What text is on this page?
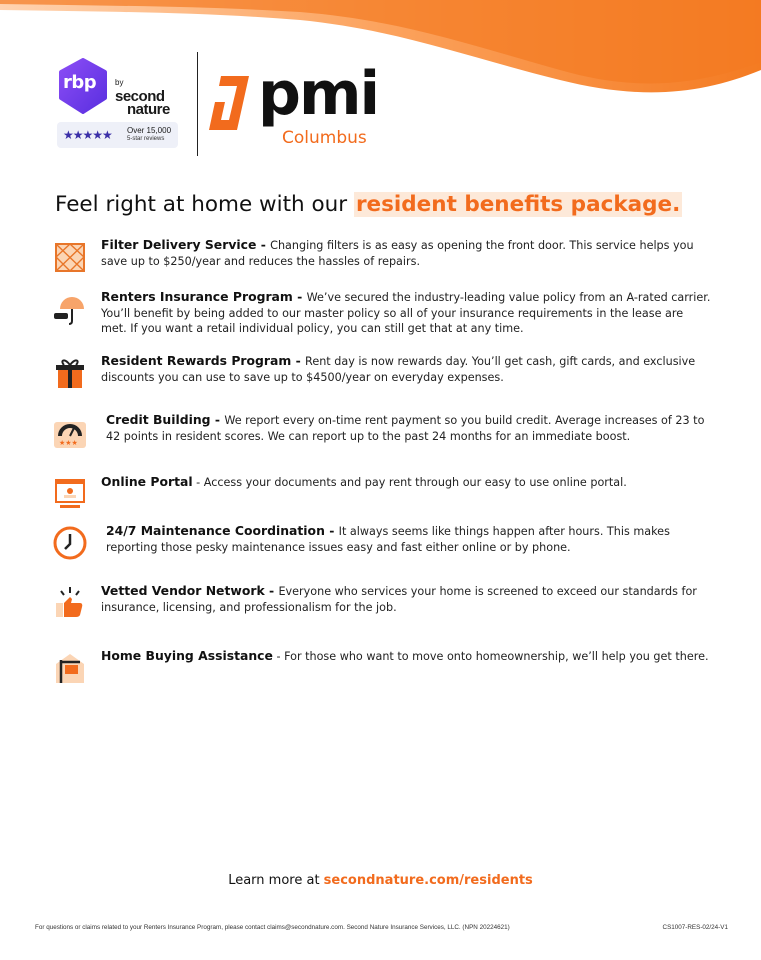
rbp by
second
nature
★★★★★ Over 15,000
5-star reviews
pmi
Columbus
Feel right at home with our resident benefits package.
Filter Delivery Service - Changing filters is as easy as opening the front door. This service helps you save up to $250/year and reduces the hassles of repairs.
Renters Insurance Program - We’ve secured the industry-leading value policy from an A-rated carrier. You’ll benefit by being added to our master policy so all of your insurance requirements in the lease are met. If you want a retail individual policy, you can still get that at any time.
Resident Rewards Program - Rent day is now rewards day. You’ll get cash, gift cards, and exclusive discounts you can use to save up to $4500/year on everyday expenses.
★★★
Credit Building - We report every on-time rent payment so you build credit. Average increases of 23 to 42 points in resident scores. We can report up to the past 24 months for an immediate boost.
Online Portal - Access your documents and pay rent through our easy to use online portal.
24/7 Maintenance Coordination - It always seems like things happen after hours. This makes reporting those pesky maintenance issues easy and fast either online or by phone.
Vetted Vendor Network - Everyone who services your home is screened to exceed our standards for insurance, licensing, and professionalism for the job.
Home Buying Assistance - For those who want to move onto homeownership, we’ll help you get there.
Learn more at secondnature.com/residents
For questions or claims related to your Renters Insurance Program, please contact claims@secondnature.com. Second Nature Insurance Services, LLC. (NPN 20224621)	CS1007-RES-02/24-V1
